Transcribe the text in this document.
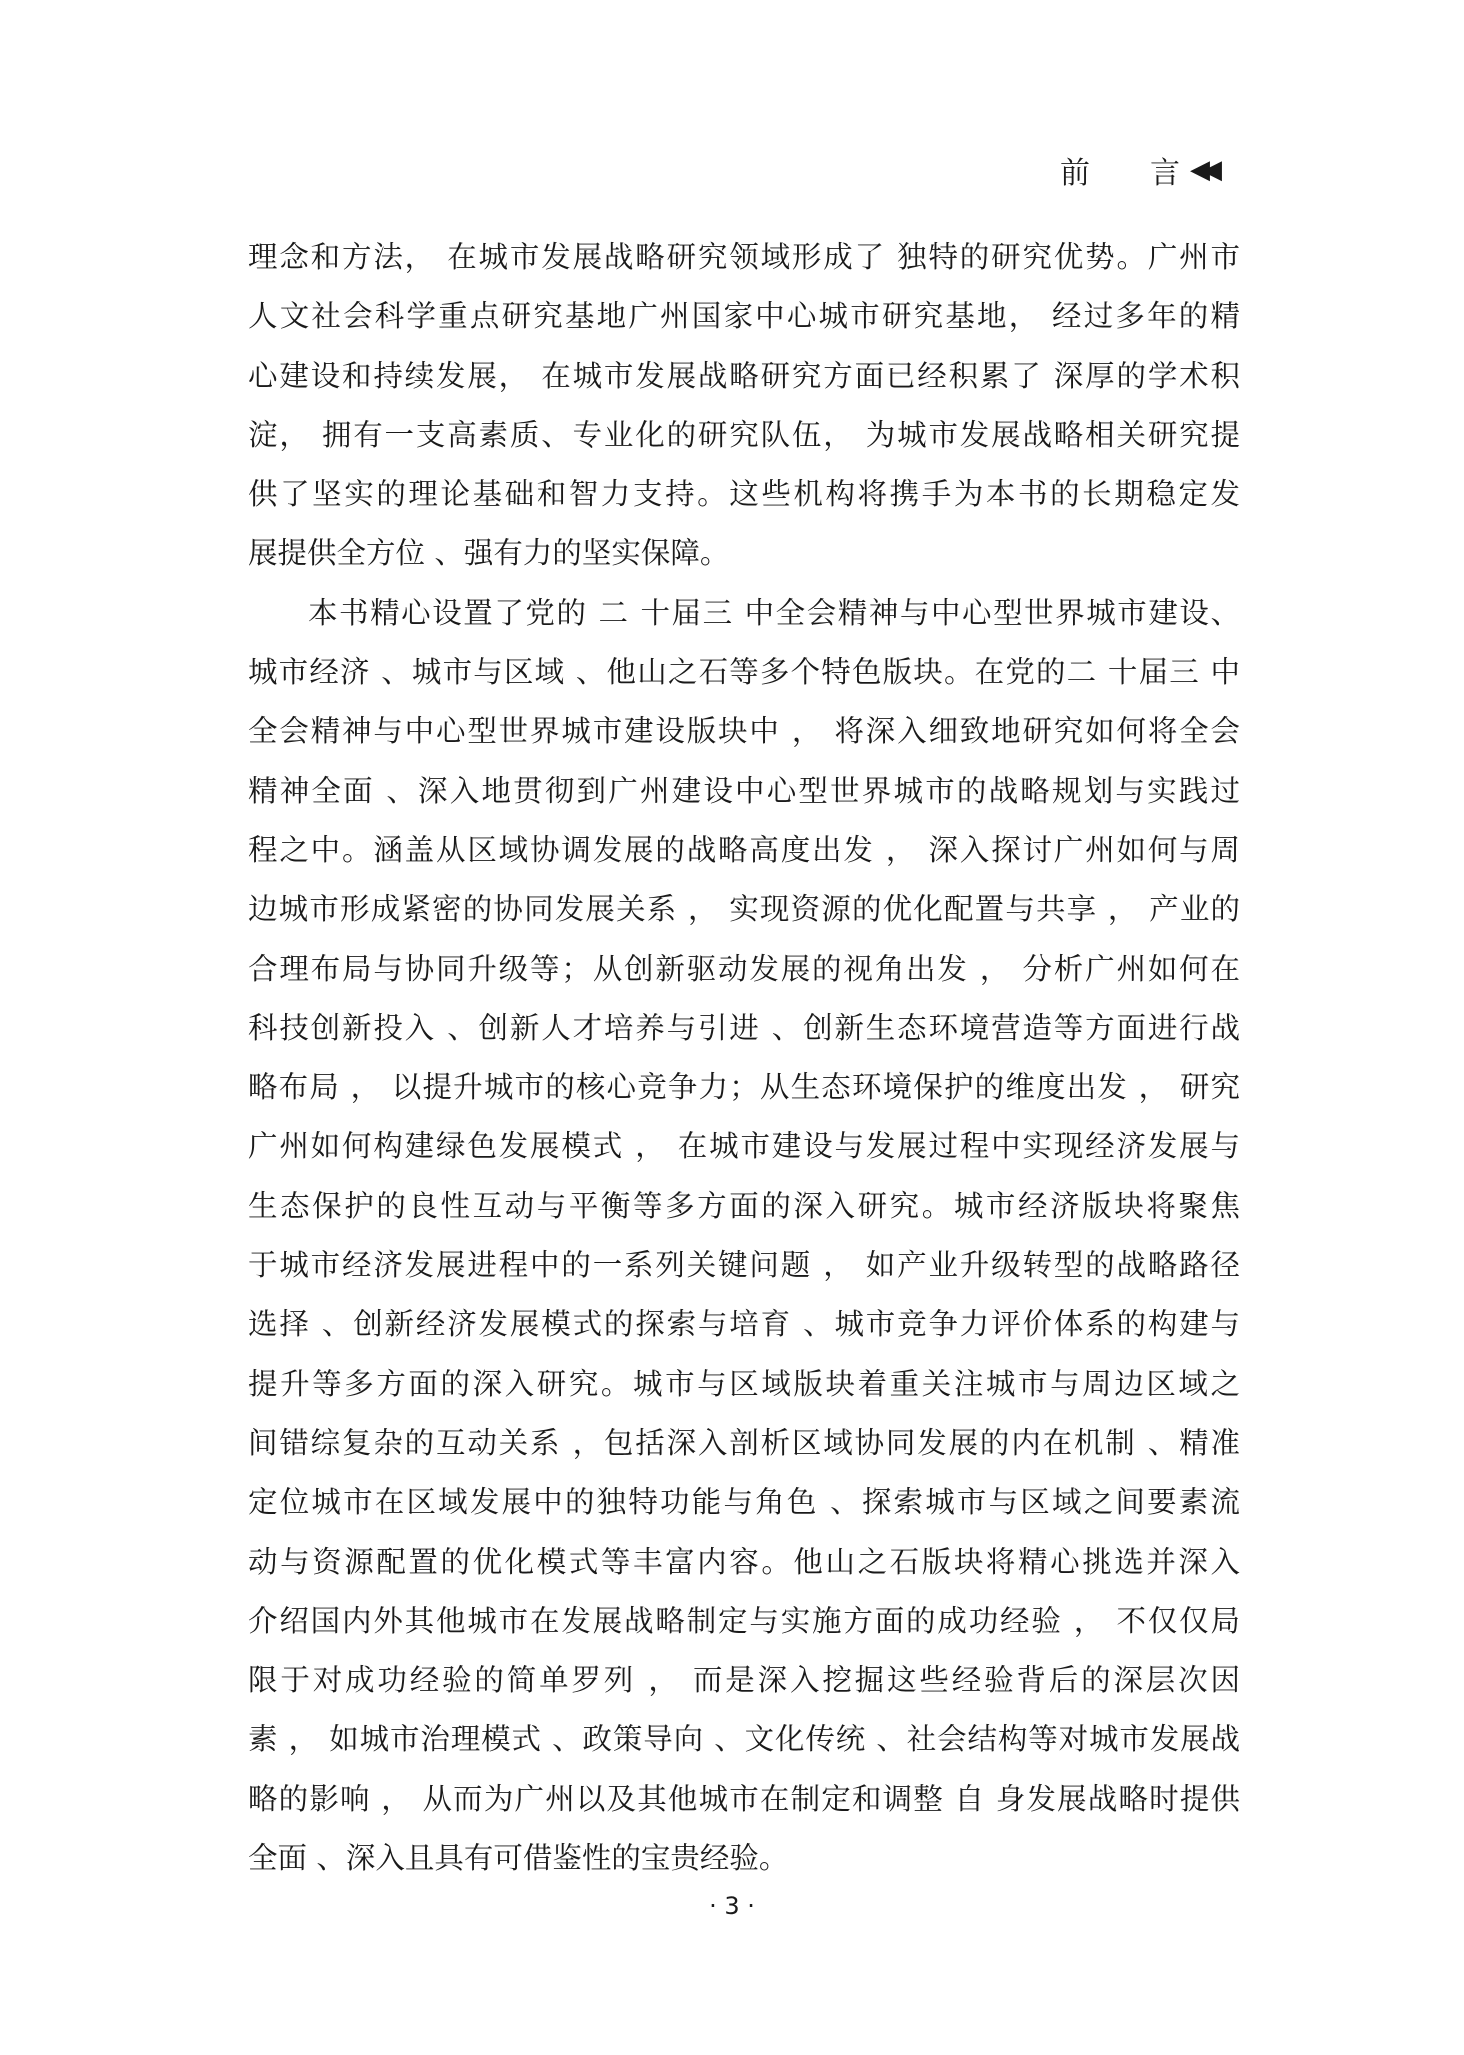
前 言 ◀◀
理念和方法， 在城市发展战略研究领域形成了 独特的研究优势。广州市
人文社会科学重点研究基地广州国家中心城市研究基地， 经过多年的精
心建设和持续发展， 在城市发展战略研究方面已经积累了 深厚的学术积
淀， 拥有一支高素质、专业化的研究队伍， 为城市发展战略相关研究提
供了坚实的理论基础和智力支持。这些机构将携手为本书的长期稳定发
展提供全方位 、强有力的坚实保障。
本书精心设置了党的 二 十届三 中全会精神与中心型世界城市建设、
城市经济 、城市与区域 、他山之石等多个特色版块。在党的二 十届三 中
全会精神与中心型世界城市建设版块中 ， 将深入细致地研究如何将全会
精神全面 、深入地贯彻到广州建设中心型世界城市的战略规划与实践过
程之中。涵盖从区域协调发展的战略高度出发 ， 深入探讨广州如何与周
边城市形成紧密的协同发展关系 ， 实现资源的优化配置与共享 ， 产业的
合理布局与协同升级等；从创新驱动发展的视角出发 ， 分析广州如何在
科技创新投入 、创新人才培养与引进 、创新生态环境营造等方面进行战
略布局 ， 以提升城市的核心竞争力；从生态环境保护的维度出发 ， 研究
广州如何构建绿色发展模式 ， 在城市建设与发展过程中实现经济发展与
生态保护的良性互动与平衡等多方面的深入研究。城市经济版块将聚焦
于城市经济发展进程中的一系列关键问题 ， 如产业升级转型的战略路径
选择 、创新经济发展模式的探索与培育 、城市竞争力评价体系的构建与
提升等多方面的深入研究。城市与区域版块着重关注城市与周边区域之
间错综复杂的互动关系 ，包括深入剖析区域协同发展的内在机制 、精准
定位城市在区域发展中的独特功能与角色 、探索城市与区域之间要素流
动与资源配置的优化模式等丰富内容。他山之石版块将精心挑选并深入
介绍国内外其他城市在发展战略制定与实施方面的成功经验 ， 不仅仅局
限于对成功经验的简单罗列 ， 而是深入挖掘这些经验背后的深层次因
素 ， 如城市治理模式 、政策导向 、文化传统 、社会结构等对城市发展战
略的影响 ， 从而为广州以及其他城市在制定和调整 自 身发展战略时提供
全面 、深入且具有可借鉴性的宝贵经验。
· 3 ·
